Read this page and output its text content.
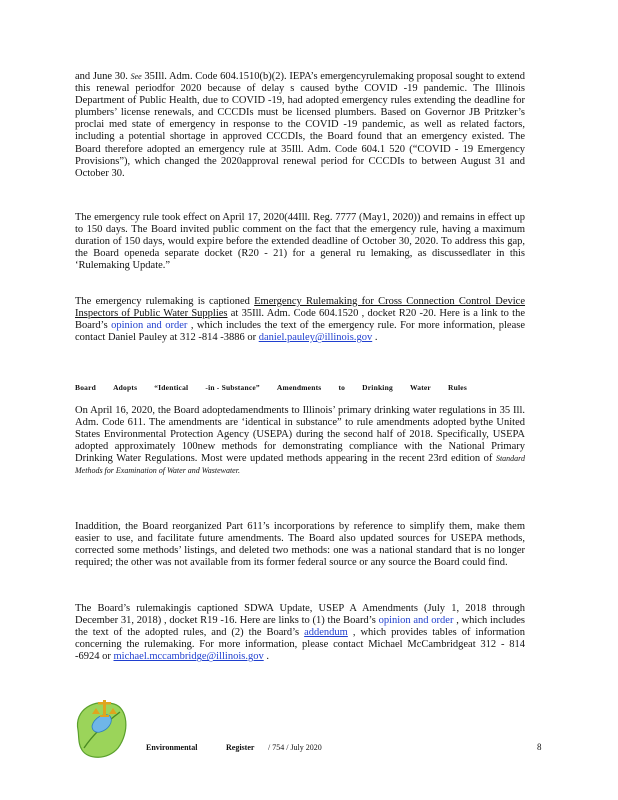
and June 30. See 35Ill. Adm. Code 604.1510(b)(2). IEPA’s emergencyrulemaking proposal sought to extend this renewal periodfor 2020 because of delay s caused bythe COVID -19 pandemic. The Illinois Department of Public Health, due to COVID -19, had adopted emergency rules extending the deadline for plumbers’ license renewals, and CCCDIs must be licensed plumbers. Based on Governor JB Pritzker’s proclai med state of emergency in response to the COVID -19 pandemic, as well as related factors, including a potential shortage in approved CCCDIs, the Board found that an emergency existed. The Board therefore adopted an emergency rule at 35Ill. Adm. Code 604.1 520 (“COVID - 19 Emergency Provisions”), which changed the 2020approval renewal period for CCCDIs to between August 31 and October 30.

The emergency rule took effect on April 17, 2020(44Ill. Reg. 7777 (May1, 2020)) and remains in effect up to 150 days. The Board invited public comment on the fact that the emergency rule, having a maximum duration of 150 days, would expire before the extended deadline of October 30, 2020. To address this gap, the Board openeda separate docket (R20 - 21) for a general ru lemaking, as discussedlater in this ‘Rulemaking Update.”

The emergency rulemaking is captioned Emergency Rulemaking for Cross Connection Control Device Inspectors of Public Water Supplies at 35Ill. Adm. Code 604.1520 , docket R20 -20. Here is a link to the Board’s opinion and order , which includes the text of the emergency rule. For more information, please contact Daniel Pauley at 312 -814 -3886 or daniel.pauley@illinois.gov .

Board Adopts “Identical -in - Substance” Amendments to Drinking Water Rules

On April 16, 2020, the Board adoptedamendments to Illinois’ primary drinking water regulations in 35 Ill. Adm. Code 611. The amendments are ‘identical in substance” to rule amendments adopted bythe United States Environmental Protection Agency (USEPA) during the second half of 2018. Specifically, USEPA adopted approximately 100new methods for demonstrating compliance with the National Primary Drinking Water Regulations. Most were updated methods appearing in the recent 23rd edition of Standard Methods for Examination of Water and Wastewater.

Inaddition, the Board reorganized Part 611’s incorporations by reference to simplify them, make them easier to use, and facilitate future amendments. The Board also updated sources for USEPA methods, corrected some methods’ listings, and deleted two methods: one was a national standard that is no longer required; the other was not available from its former federal source or any source the Board could find.

The Board’s rulemakingis captioned SDWA Update, USEP A Amendments (July 1, 2018 through December 31, 2018) , docket R19 -16. Here are links to (1) the Board’s opinion and order , which includes the text of the adopted rules, and (2) the Board’s addendum , which provides tables of information concerning the rulemaking. For more information, please contact Michael McCambridgeat 312 - 814 -6924 or michael.mccambridge@illinois.gov .

Environmental	Register / 754 / July 2020	8
